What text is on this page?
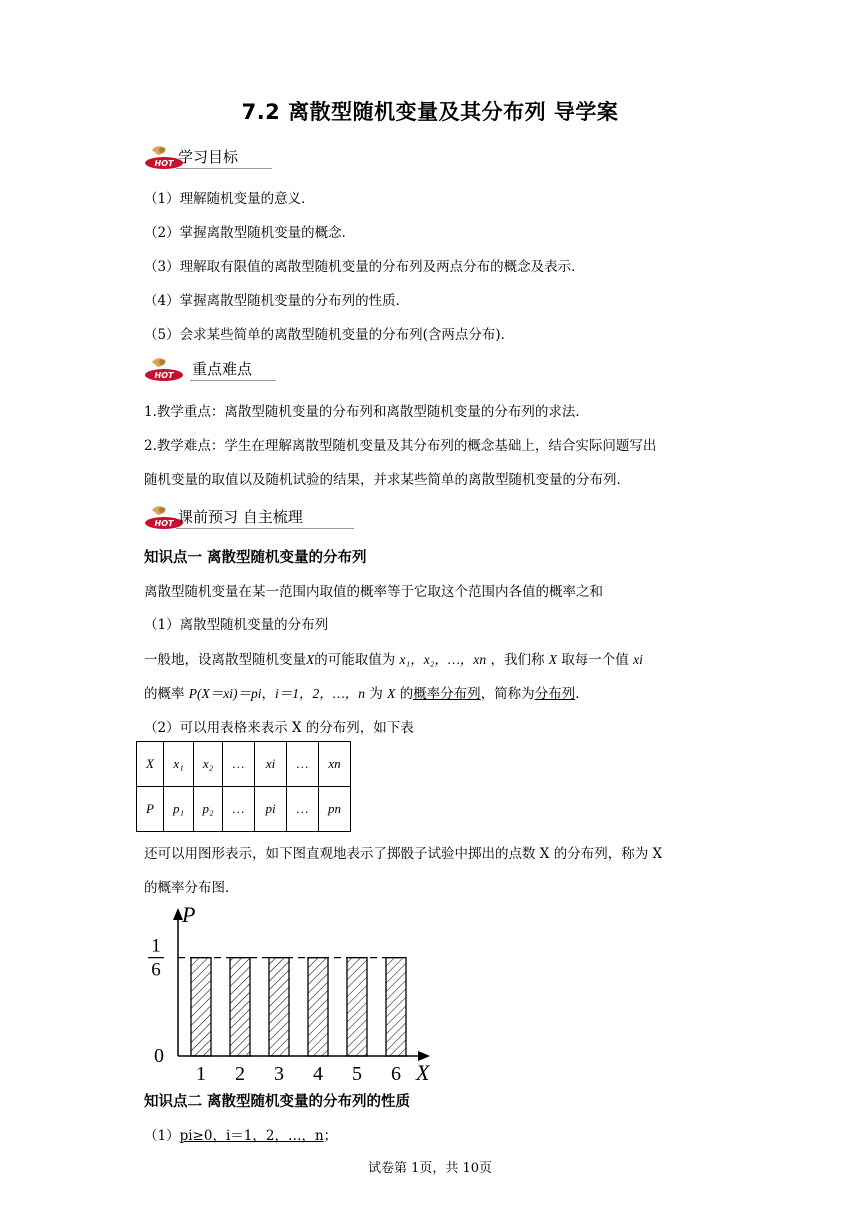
7.2 离散型随机变量及其分布列 导学案
学习目标
（1）理解随机变量的意义．
（2）掌握离散型随机变量的概念．
（3）理解取有限值的离散型随机变量的分布列及两点分布的概念及表示．
（4）掌握离散型随机变量的分布列的性质．
（5）会求某些简单的离散型随机变量的分布列(含两点分布)．
重点难点
1.教学重点：离散型随机变量的分布列和离散型随机变量的分布列的求法．
2.教学难点：学生在理解离散型随机变量及其分布列的概念基础上，结合实际问题写出
随机变量的取值以及随机试验的结果，并求某些简单的离散型随机变量的分布列．
课前预习 自主梳理
知识点一 离散型随机变量的分布列
离散型随机变量在某一范围内取值的概率等于它取这个范围内各值的概率之和
（1）离散型随机变量的分布列
一般地，设离散型随机变量X的可能取值为 x₁，x₂，…，xn ，我们称 X 取每一个值 xi
的概率 P(X＝xi)＝pi，i＝1，2，…，n 为 X 的概率分布列，简称为分布列．
（2）可以用表格来表示 X 的分布列，如下表
X	x₁	x₂	…	xi	…	xn
P	p₁	p₂	…	pi	…	pn
还可以用图形表示，如下图直观地表示了掷骰子试验中掷出的点数 X 的分布列，称为 X
的概率分布图．
P
X
0
1
6
1 2 3 4 5 6
知识点二 离散型随机变量的分布列的性质
（1）pi≥0，i＝1，2，…，n；
试卷第 1页，共 10页
